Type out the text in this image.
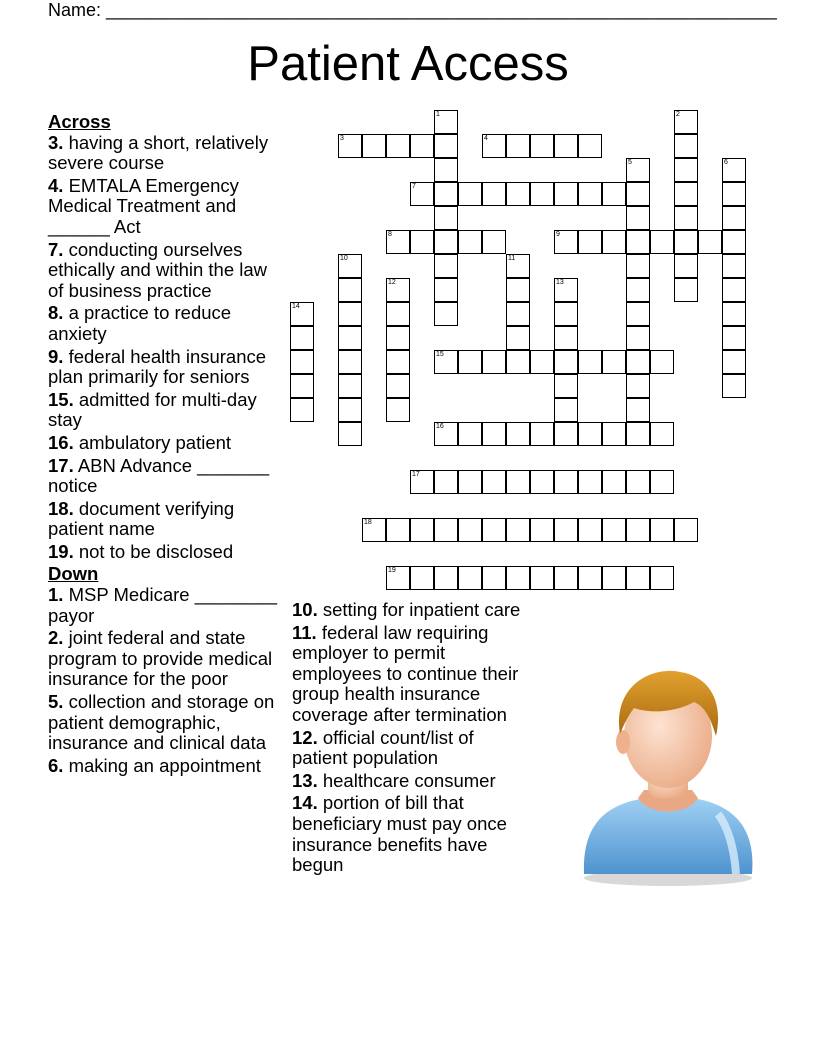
Name: ___________________________________________________________________
Patient Access
Across
3. having a short, relatively severe course
4. EMTALA Emergency Medical Treatment and ______ Act
7. conducting ourselves ethically and within the law of business practice
8. a practice to reduce anxiety
9. federal health insurance plan primarily for seniors
15. admitted for multi-day stay
16. ambulatory patient
17. ABN Advance _______ notice
18. document verifying patient name
19. not to be disclosed
Down
1. MSP Medicare ________ payor
2. joint federal and state program to provide medical insurance for the poor
5. collection and storage on patient demographic, insurance and clinical data
6. making an appointment
10. setting for inpatient care
11. federal law requiring employer to permit employees to continue their group health insurance coverage after termination
12. official count/list of patient population
13. healthcare consumer
14. portion of bill that beneficiary must pay once insurance benefits have begun
1	2
3	4
5	6
7
8	9
10	11
12	13
14
15
16
17
18
19
